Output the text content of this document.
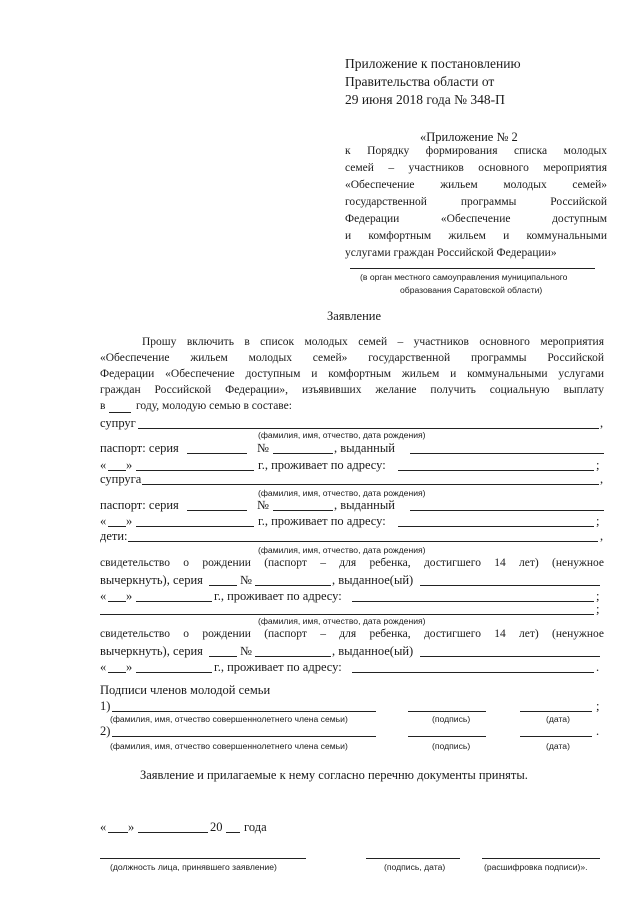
Приложение к постановлению
Правительства области от
29 июня 2018 года № 348-П
«Приложение № 2
к Порядку формирования списка молодых
семей – участников основного мероприятия
«Обеспечение жильем молодых семей»
государственной программы Российской
Федерации «Обеспечение доступным
и комфортным жильем и коммунальными
услугами граждан Российской Федерации»
(в орган местного самоуправления муниципального
образования Саратовской области)
Заявление
Прошу включить в список молодых семей – участников основного мероприятия
«Обеспечение жильем молодых семей» государственной программы Российской
Федерации «Обеспечение доступным и комфортным жильем и коммунальными услугами
граждан Российской Федерации», изъявивших желание получить социальную выплату
в	году, молодую семью в составе:
супруг	,
(фамилия, имя, отчество, дата рождения)
паспорт: серия	№	, выданный
« »	г., проживает по адресу:	;
супруга	,
(фамилия, имя, отчество, дата рождения)
паспорт: серия	№	, выданный
« »	г., проживает по адресу:	;
дети:	,
(фамилия, имя, отчество, дата рождения)
свидетельство о рождении (паспорт – для ребенка, достигшего 14 лет) (ненужное
вычеркнуть), серия	№	, выданное(ый)
« »	г., проживает по адресу:	;
;
(фамилия, имя, отчество, дата рождения)
свидетельство о рождении (паспорт – для ребенка, достигшего 14 лет) (ненужное
вычеркнуть), серия	№	, выданное(ый)
« »	г., проживает по адресу:	.
Подписи членов молодой семьи
1)	;
(фамилия, имя, отчество совершеннолетнего члена семьи)	(подпись)	(дата)
2)	.
(фамилия, имя, отчество совершеннолетнего члена семьи)	(подпись)	(дата)
Заявление и прилагаемые к нему согласно перечню документы приняты.
« »	20 года
(должность лица, принявшего заявление)	(подпись, дата)	(расшифровка подписи)».
